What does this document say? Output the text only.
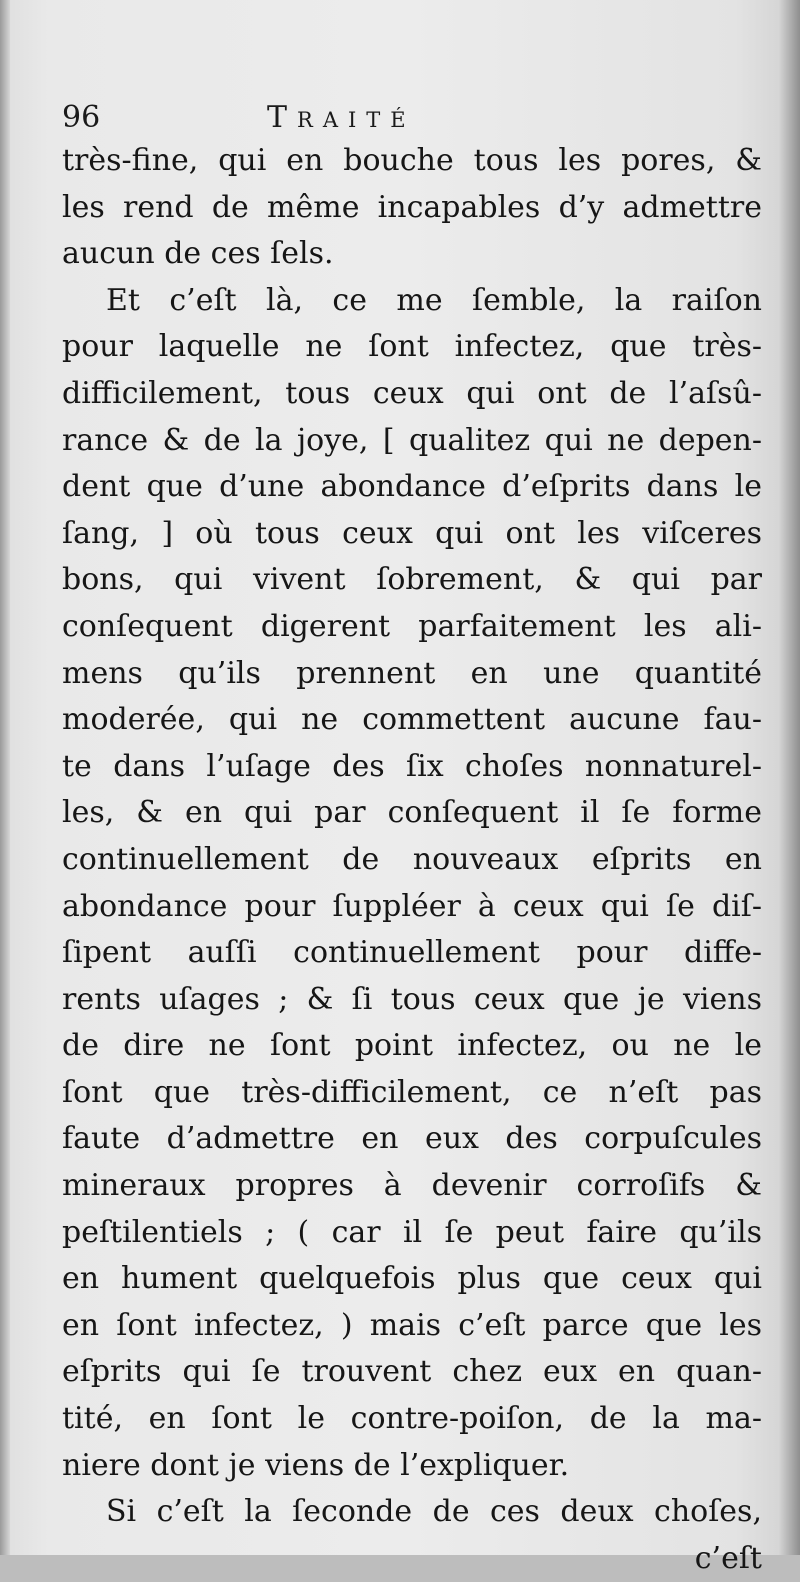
96	Traité
très-fine, qui en bouche tous les pores, &
les rend de même incapables d’y admettre
aucun de ces ſels.
Et c’eſt là, ce me ſemble, la raiſon
pour laquelle ne ſont infectez, que très-
difficilement, tous ceux qui ont de l’aſsû-
rance & de la joye, [ qualitez qui ne depen-
dent que d’une abondance d’eſprits dans le
ſang, ] où tous ceux qui ont les viſceres
bons, qui vivent ſobrement, & qui par
conſequent digerent parfaitement les ali-
mens qu’ils prennent en une quantité
moderée, qui ne commettent aucune fau-
te dans l’uſage des ſix choſes nonnaturel-
les, & en qui par conſequent il ſe forme
continuellement de nouveaux eſprits en
abondance pour ſuppléer à ceux qui ſe diſ-
ſipent auſſi continuellement pour diffe-
rents uſages ; & ſi tous ceux que je viens
de dire ne ſont point infectez, ou ne le
ſont que très-difficilement, ce n’eſt pas
faute d’admettre en eux des corpuſcules
mineraux propres à devenir corroſifs &
peſtilentiels ; ( car il ſe peut faire qu’ils
en hument quelquefois plus que ceux qui
en ſont infectez, ) mais c’eſt parce que les
eſprits qui ſe trouvent chez eux en quan-
tité, en ſont le contre-poiſon, de la ma-
niere dont je viens de l’expliquer.
Si c’eſt la ſeconde de ces deux choſes,
c’eſt
